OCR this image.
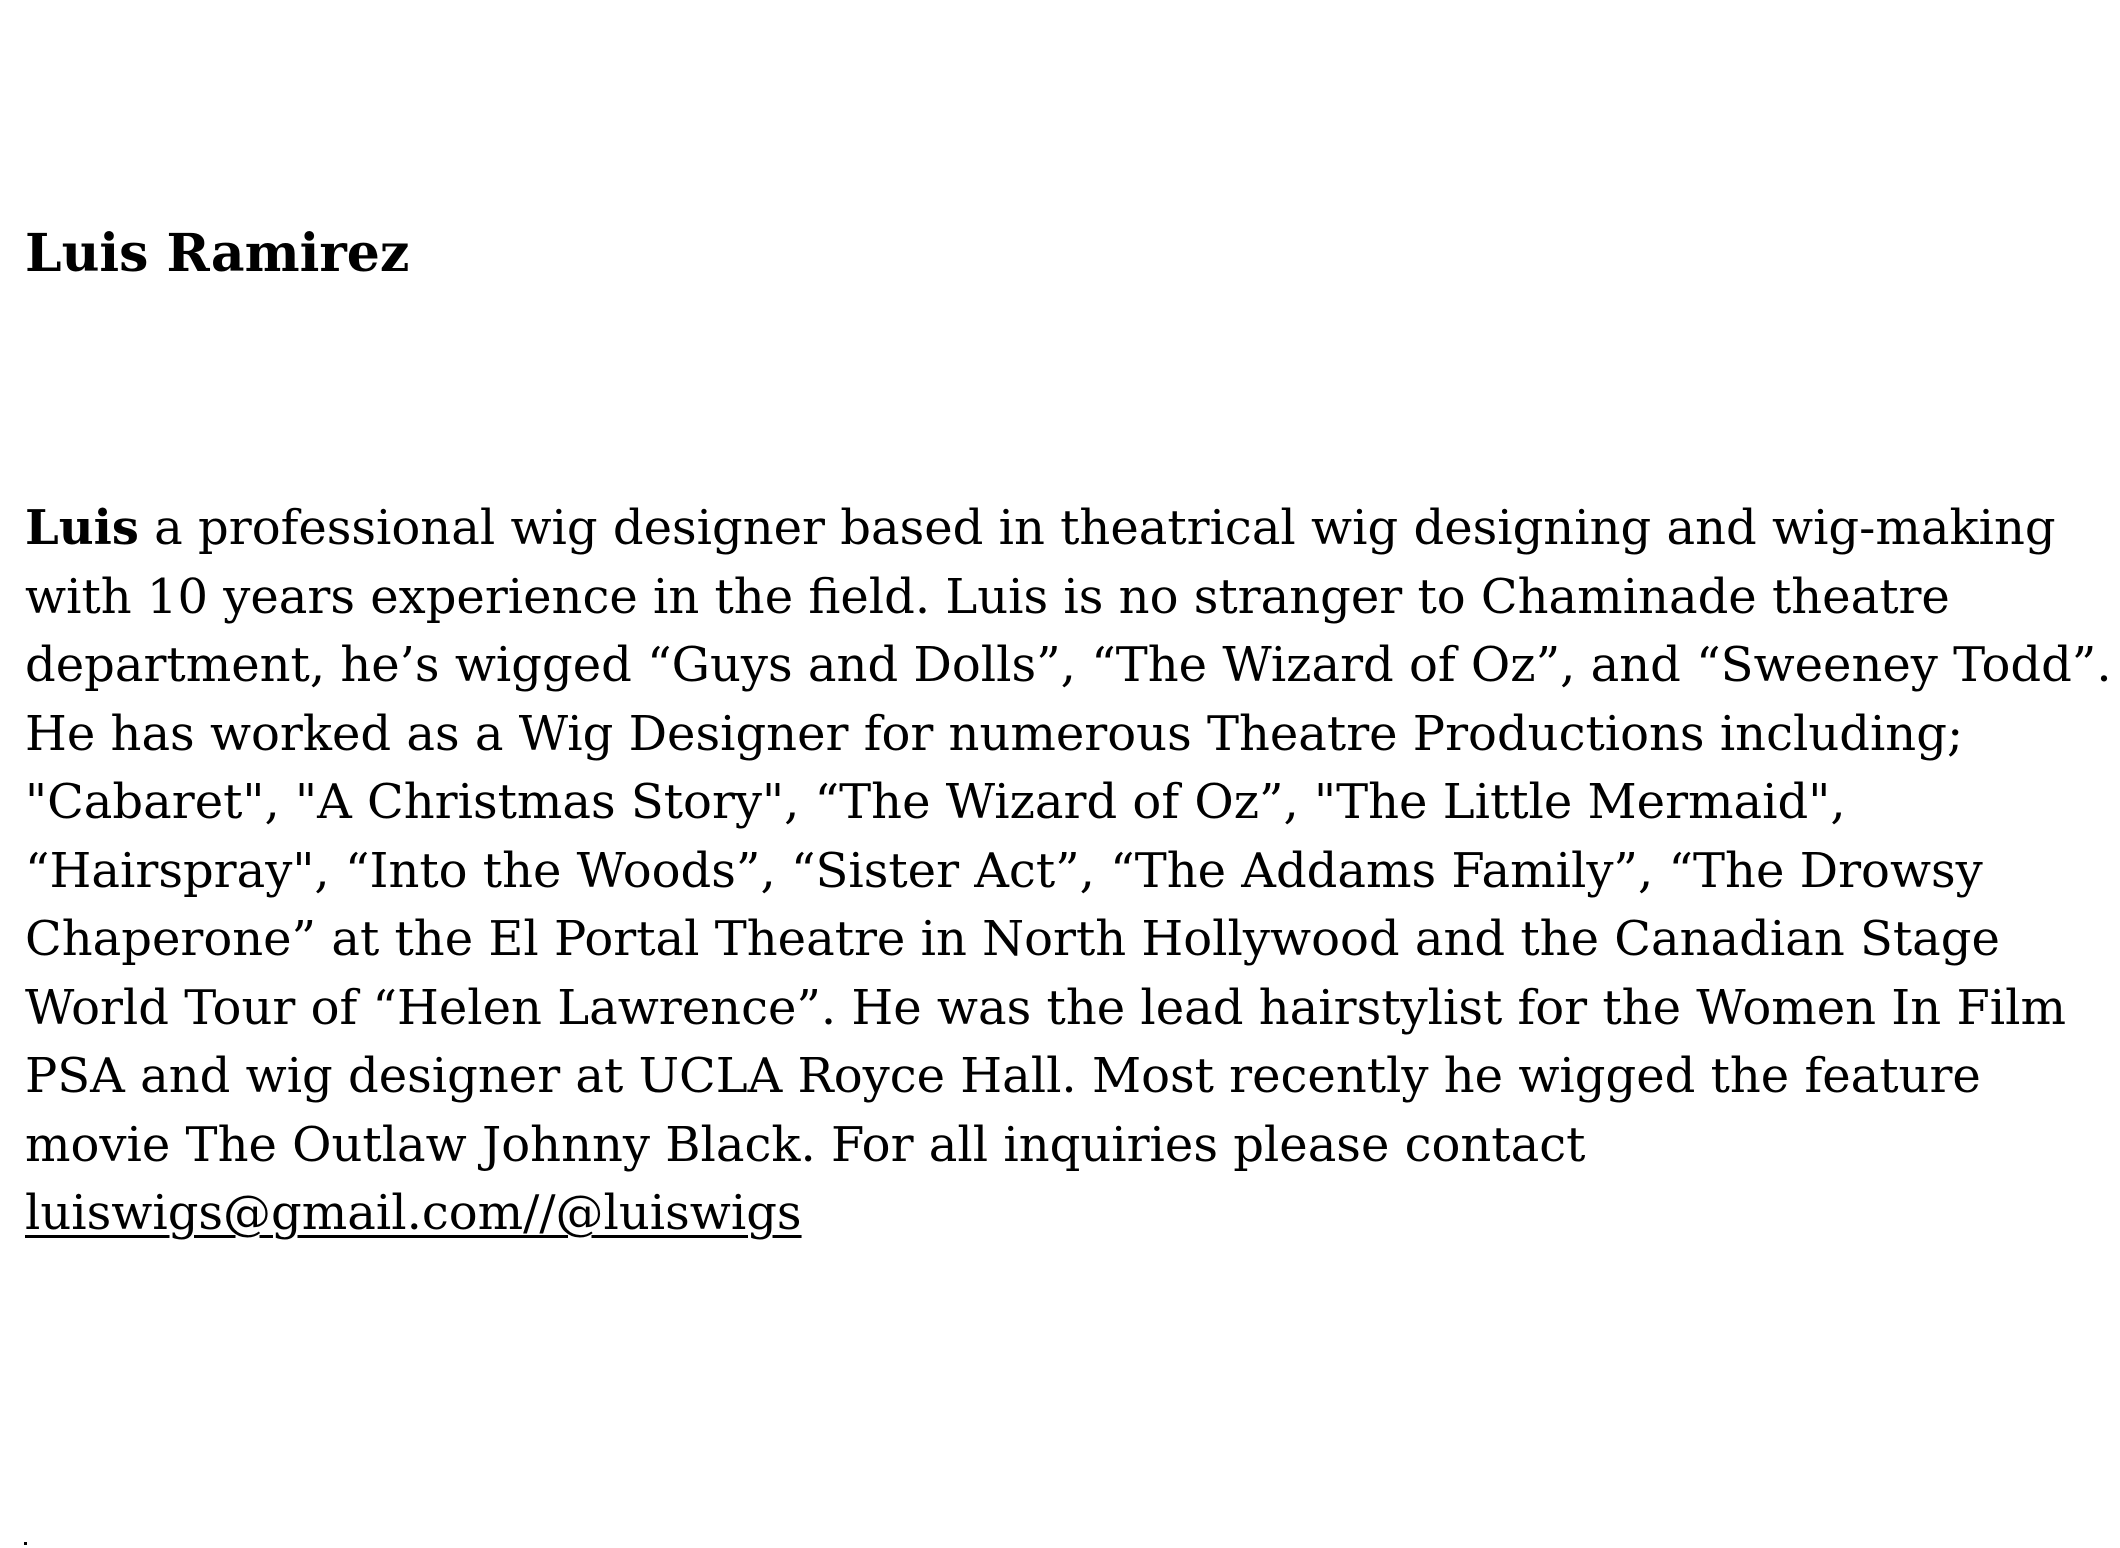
Luis Ramirez
Luis a professional wig designer based in theatrical wig designing and wig-making
with 10 years experience in the field. Luis is no stranger to Chaminade theatre
department, he’s wigged “Guys and Dolls”, “The Wizard of Oz”, and “Sweeney Todd”.
He has worked as a Wig Designer for numerous Theatre Productions including;
"Cabaret", "A Christmas Story", “The Wizard of Oz”, "The Little Mermaid",
“Hairspray", “Into the Woods”, “Sister Act”, “The Addams Family”, “The Drowsy
Chaperone” at the El Portal Theatre in North Hollywood and the Canadian Stage
World Tour of “Helen Lawrence”. He was the lead hairstylist for the Women In Film
PSA and wig designer at UCLA Royce Hall. Most recently he wigged the feature
movie The Outlaw Johnny Black. For all inquiries please contact
luiswigs@gmail.com//@luiswigs
